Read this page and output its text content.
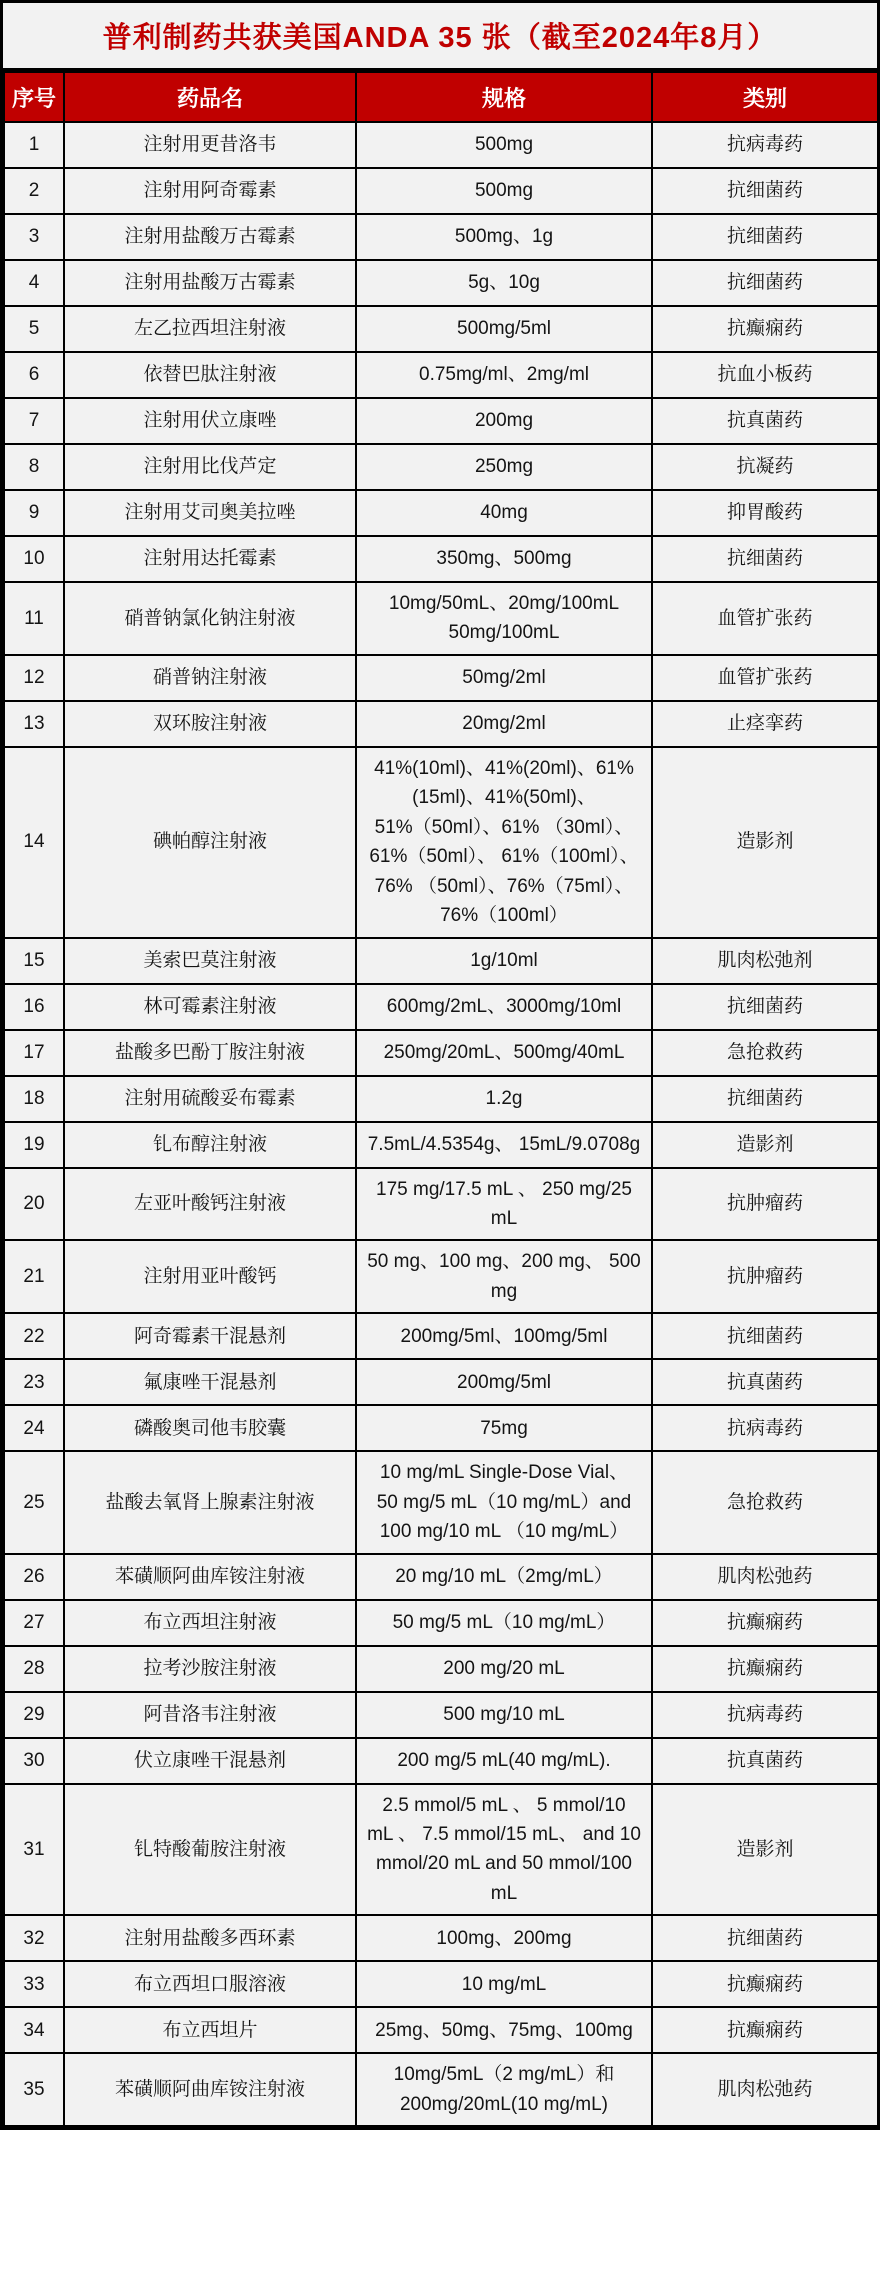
普利制药共获美国ANDA 35 张（截至2024年8月）
序号	药品名	规格	类别
1	注射用更昔洛韦	500mg	抗病毒药
2	注射用阿奇霉素	500mg	抗细菌药
3	注射用盐酸万古霉素	500mg、1g	抗细菌药
4	注射用盐酸万古霉素	5g、10g	抗细菌药
5	左乙拉西坦注射液	500mg/5ml	抗癫痫药
6	依替巴肽注射液	0.75mg/ml、2mg/ml	抗血小板药
7	注射用伏立康唑	200mg	抗真菌药
8	注射用比伐芦定	250mg	抗凝药
9	注射用艾司奥美拉唑	40mg	抑胃酸药
10	注射用达托霉素	350mg、500mg	抗细菌药
11	硝普钠氯化钠注射液	10mg/50mL、20mg/100mL 50mg/100mL	血管扩张药
12	硝普钠注射液	50mg/2ml	血管扩张药
13	双环胺注射液	20mg/2ml	止痉挛药
14	碘帕醇注射液	41%(10ml)、41%(20ml)、61%(15ml)、41%(50ml)、 51%（50ml）、61% （30ml）、61%（50ml）、 61%（100ml）、76% （50ml）、76%（75ml）、 76%（100ml）	造影剂
15	美索巴莫注射液	1g/10ml	肌肉松弛剂
16	林可霉素注射液	600mg/2mL、3000mg/10ml	抗细菌药
17	盐酸多巴酚丁胺注射液	250mg/20mL、500mg/40mL	急抢救药
18	注射用硫酸妥布霉素	1.2g	抗细菌药
19	钆布醇注射液	7.5mL/4.5354g、 15mL/9.0708g	造影剂
20	左亚叶酸钙注射液	175 mg/17.5 mL 、 250 mg/25 mL	抗肿瘤药
21	注射用亚叶酸钙	50 mg、100 mg、200 mg、 500 mg	抗肿瘤药
22	阿奇霉素干混悬剂	200mg/5ml、100mg/5ml	抗细菌药
23	氟康唑干混悬剂	200mg/5ml	抗真菌药
24	磷酸奥司他韦胶囊	75mg	抗病毒药
25	盐酸去氧肾上腺素注射液	10 mg/mL Single-Dose Vial、 50 mg/5 mL（10 mg/mL）and 100 mg/10 mL （10 mg/mL）	急抢救药
26	苯磺顺阿曲库铵注射液	20 mg/10 mL（2mg/mL）	肌肉松弛药
27	布立西坦注射液	50 mg/5 mL（10 mg/mL）	抗癫痫药
28	拉考沙胺注射液	200 mg/20 mL	抗癫痫药
29	阿昔洛韦注射液	500 mg/10 mL	抗病毒药
30	伏立康唑干混悬剂	200 mg/5 mL(40 mg/mL).	抗真菌药
31	钆特酸葡胺注射液	2.5 mmol/5 mL 、 5 mmol/10 mL 、 7.5 mmol/15 mL、 and 10 mmol/20 mL and 50 mmol/100 mL	造影剂
32	注射用盐酸多西环素	100mg、200mg	抗细菌药
33	布立西坦口服溶液	10 mg/mL	抗癫痫药
34	布立西坦片	25mg、50mg、75mg、100mg	抗癫痫药
35	苯磺顺阿曲库铵注射液	10mg/5mL（2 mg/mL）和 200mg/20mL(10 mg/mL)	肌肉松弛药
